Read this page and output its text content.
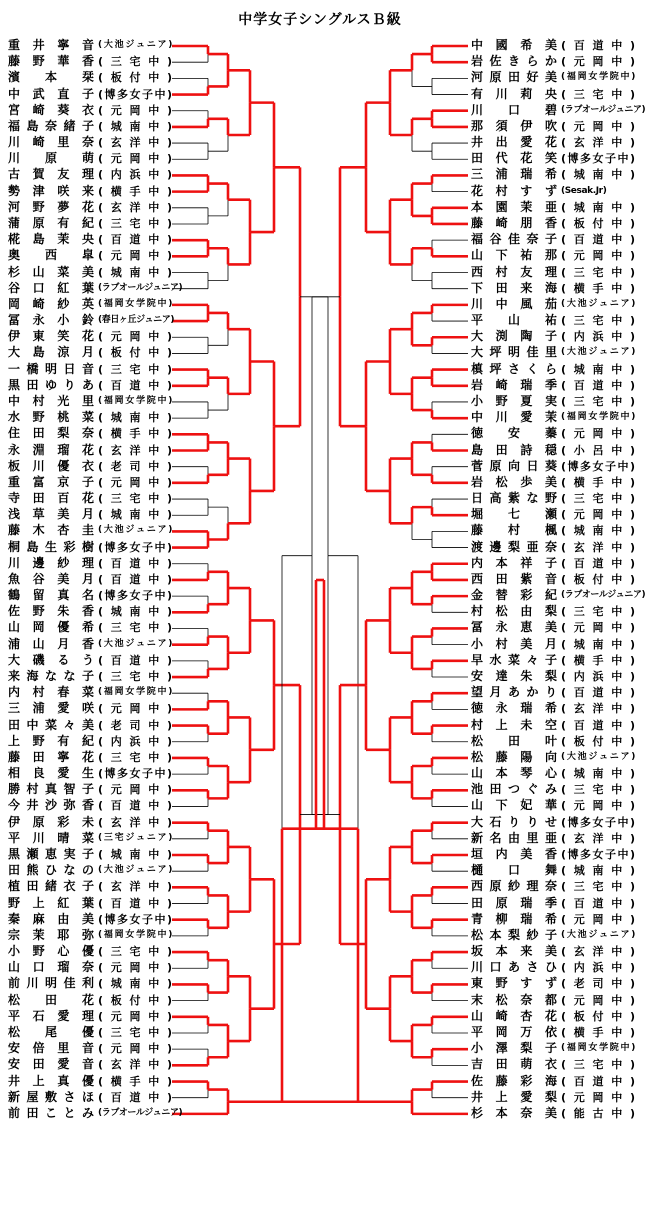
中学女子シングルスＢ級
重井寧音 (大池ジュニア)
藤野華香 (三宅中)
濱本栞 (板付中)
中武直子 (博多女子中)
宮崎葵衣 (元岡中)
福島奈緒子 (城南中)
川崎里奈 (玄洋中)
川原萌 (元岡中)
古賀友理 (内浜中)
勢津咲来 (横手中)
河野夢花 (玄洋中)
蒲原有紀 (三宅中)
椛島茉央 (百道中)
奥西皐 (元岡中)
杉山菜美 (城南中)
谷口紅葉 (ラブオールジュニア)
岡崎紗英 (福岡女学院中)
冨永小鈴 (春日ヶ丘ジュニア)
伊東笑花 (元岡中)
大島涼月 (板付中)
一橋明日音 (三宅中)
黒田ゆりあ (百道中)
中村光里 (福岡女学院中)
水野桃菜 (城南中)
住田梨奈 (横手中)
永淵瑠花 (玄洋中)
板川優衣 (老司中)
重富京子 (元岡中)
寺田百花 (三宅中)
浅草美月 (城南中)
藤木杏圭 (大池ジュニア)
桐島生彩樹 (博多女子中)
川邊紗理 (百道中)
魚谷美月 (百道中)
鶴留真名 (博多女子中)
佐野朱香 (城南中)
山岡優希 (三宅中)
浦山月香 (大池ジュニア)
大磯るう (百道中)
来海なな子 (三宅中)
内村春菜 (福岡女学院中)
三浦愛咲 (元岡中)
田中菜々美 (老司中)
上野有紀 (内浜中)
藤田寧花 (三宅中)
相良愛生 (博多女子中)
勝村真智子 (元岡中)
今井沙弥香 (百道中)
伊原彩未 (玄洋中)
平川晴菜 (三宅ジュニア)
黒瀬恵実子 (城南中)
田熊ひなの (大池ジュニア)
植田緒衣子 (玄洋中)
野上紅葉 (百道中)
秦麻由美 (博多女子中)
宗茉耶弥 (福岡女学院中)
小野心優 (三宅中)
山口瑠奈 (元岡中)
前川明佳利 (城南中)
松田花 (板付中)
平石愛理 (元岡中)
松尾優 (三宅中)
安倍里音 (元岡中)
安田愛音 (玄洋中)
井上真優 (横手中)
新屋敷さほ (百道中)
前田ことみ (ラブオールジュニア)
中國希美 (百道中)
岩佐きらか (元岡中)
河原田好美 (福岡女学院中)
有川莉央 (三宅中)
川口碧 (ラブオールジュニア)
那須伊吹 (元岡中)
井出愛花 (玄洋中)
田代花笑 (博多女子中)
三浦瑞希 (城南中)
花村すず (Sesak.Jr)
本園茉亜 (城南中)
藤崎朋香 (板付中)
福谷佳奈子 (百道中)
山下祐那 (元岡中)
西村友理 (三宅中)
下田来海 (横手中)
川中風茄 (大池ジュニア)
平山祐 (三宅中)
大渕陶子 (内浜中)
大坪明佳里 (大池ジュニア)
槙坪さくら (城南中)
岩崎瑞季 (百道中)
小野夏実 (三宅中)
中川愛茉 (福岡女学院中)
徳安蓁 (元岡中)
島田詩穏 (小呂中)
菅原向日葵 (博多女子中)
岩松歩美 (横手中)
日高紫な野 (三宅中)
堀七瀬 (元岡中)
藤村楓 (城南中)
渡邊梨亜奈 (玄洋中)
内本祥子 (百道中)
西田紫音 (板付中)
金替彩紀 (ラブオールジュニア)
村松由梨 (三宅中)
冨永恵美 (元岡中)
小村美月 (城南中)
早水菜々子 (横手中)
安達朱梨 (内浜中)
望月あかり (百道中)
徳永瑞希 (玄洋中)
村上未空 (百道中)
松田叶 (板付中)
松藤陽向 (大池ジュニア)
山本琴心 (城南中)
池田つぐみ (三宅中)
山下妃華 (元岡中)
大石りりせ (博多女子中)
新名由里亜 (玄洋中)
垣内美香 (博多女子中)
樋口舞 (城南中)
西原紗理奈 (三宅中)
田原瑞季 (百道中)
青柳瑞希 (元岡中)
松本梨紗子 (大池ジュニア)
坂本来美 (玄洋中)
川口あさひ (内浜中)
東野すず (老司中)
末松奈都 (元岡中)
山崎杏花 (板付中)
平岡万依 (横手中)
小澤梨子 (福岡女学院中)
吉田萌衣 (三宅中)
佐藤彩海 (百道中)
井上愛梨 (元岡中)
杉本奈美 (能古中)
